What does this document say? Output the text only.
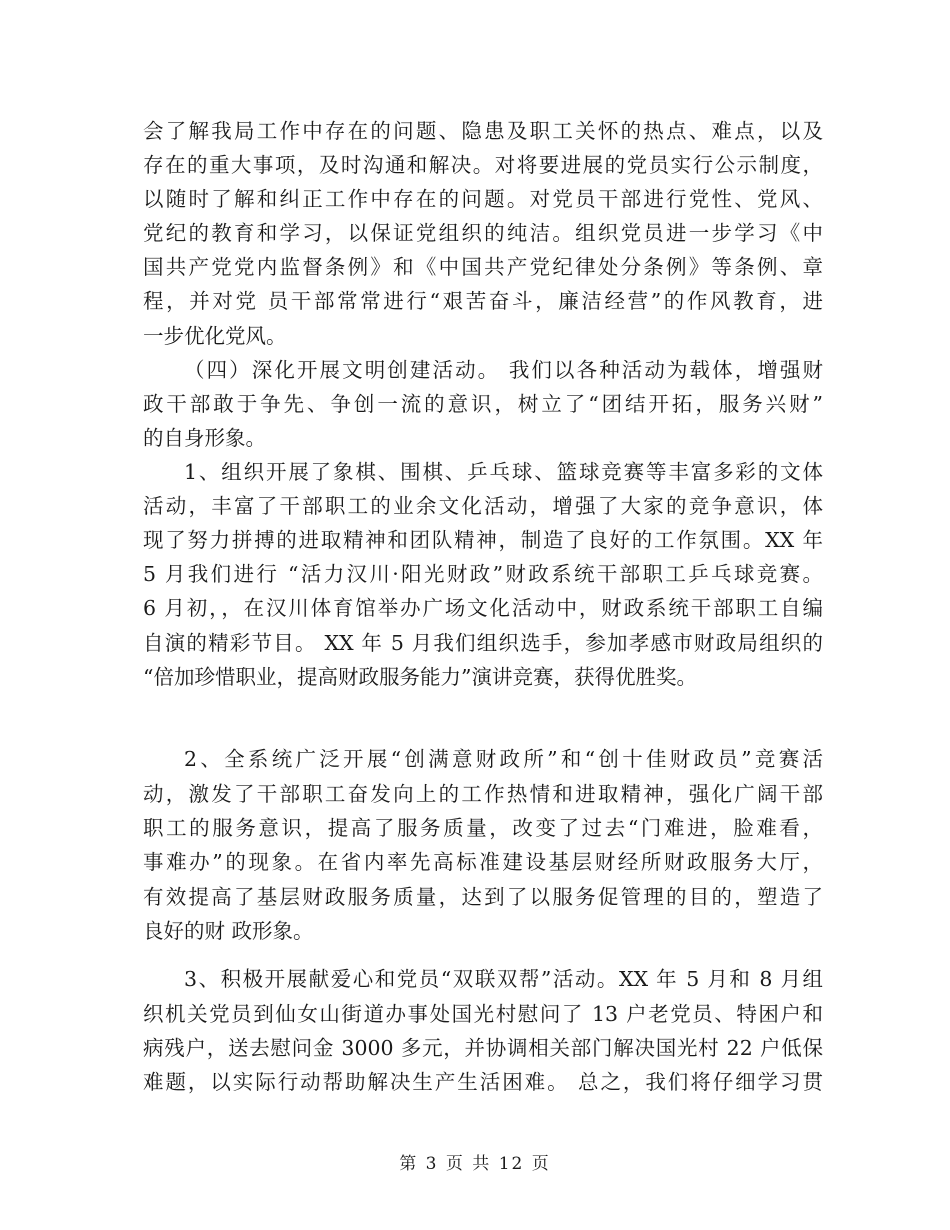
会了解我局工作中存在的问题、隐患及职工关怀的热点、难点，以及
存在的重大事项，及时沟通和解决。对将要进展的党员实行公示制度，
以随时了解和纠正工作中存在的问题。对党员干部进行党性、党风、
党纪的教育和学习，以保证党组织的纯洁。组织党员进一步学习《中
国共产党党内监督条例》和《中国共产党纪律处分条例》等条例、章
程，并对党 员干部常常进行“艰苦奋斗，廉洁经营”的作风教育，进
一步优化党风。
（四）深化开展文明创建活动。 我们以各种活动为载体，增强财
政干部敢于争先、争创一流的意识，树立了“团结开拓，服务兴财”
的自身形象。
1、组织开展了象棋、围棋、乒乓球、篮球竞赛等丰富多彩的文体
活动，丰富了干部职工的业余文化活动，增强了大家的竞争意识，体
现了努力拼搏的进取精神和团队精神，制造了良好的工作氛围。XX 年
5 月我们进行 “活力汉川·阳光财政”财政系统干部职工乒乓球竞赛。
6 月初，，在汉川体育馆举办广场文化活动中，财政系统干部职工自编
自演的精彩节目。 XX 年 5 月我们组织选手，参加孝感市财政局组织的
“倍加珍惜职业，提高财政服务能力”演讲竞赛，获得优胜奖。
2、全系统广泛开展“创满意财政所”和“创十佳财政员”竞赛活
动，激发了干部职工奋发向上的工作热情和进取精神，强化广阔干部
职工的服务意识，提高了服务质量，改变了过去“门难进，脸难看，
事难办”的现象。在省内率先高标准建设基层财经所财政服务大厅，
有效提高了基层财政服务质量，达到了以服务促管理的目的，塑造了
良好的财 政形象。
3、积极开展献爱心和党员“双联双帮”活动。XX 年 5 月和 8 月组
织机关党员到仙女山街道办事处国光村慰问了 13 户老党员、特困户和
病残户，送去慰问金 3000 多元，并协调相关部门解决国光村 22 户低保
难题，以实际行动帮助解决生产生活困难。 总之，我们将仔细学习贯
第 3 页 共 12 页
